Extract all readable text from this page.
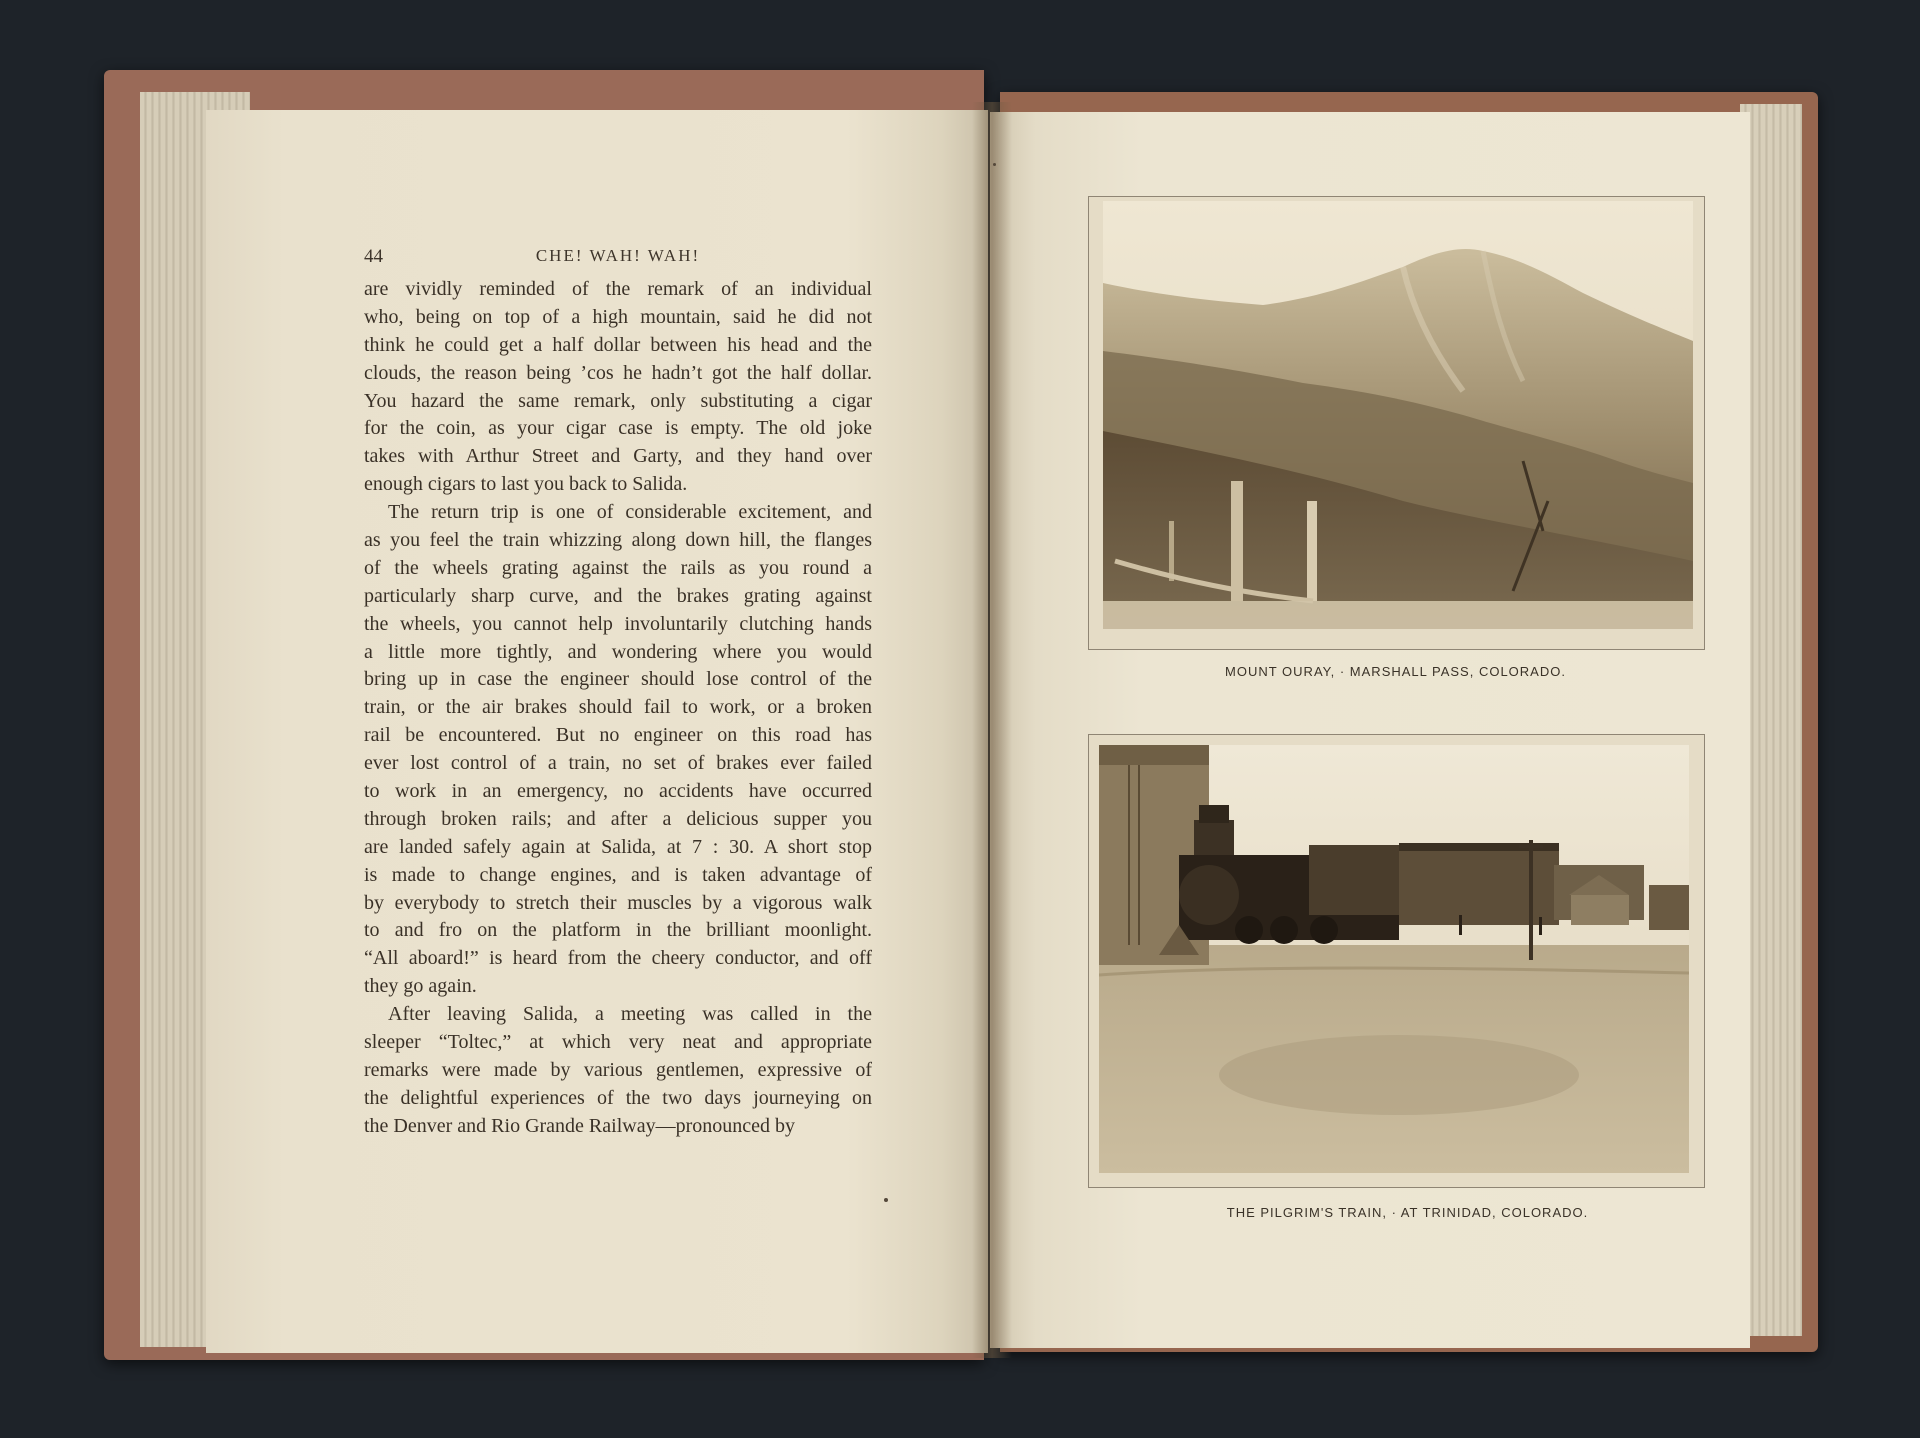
44	CHE! WAH! WAH!
are vividly reminded of the remark of an individual
who, being on top of a high mountain, said he did not
think he could get a half dollar between his head and the
clouds, the reason being ’cos he hadn’t got the half dollar.
You hazard the same remark, only substituting a cigar
for the coin, as your cigar case is empty. The old joke
takes with Arthur Street and Garty, and they hand over
enough cigars to last you back to Salida.
The return trip is one of considerable excitement, and
as you feel the train whizzing along down hill, the flanges
of the wheels grating against the rails as you round a
particularly sharp curve, and the brakes grating against
the wheels, you cannot help involuntarily clutching hands
a little more tightly, and wondering where you would
bring up in case the engineer should lose control of the
train, or the air brakes should fail to work, or a broken
rail be encountered. But no engineer on this road has
ever lost control of a train, no set of brakes ever failed
to work in an emergency, no accidents have occurred
through broken rails; and after a delicious supper you
are landed safely again at Salida, at 7 : 30. A short stop
is made to change engines, and is taken advantage of
by everybody to stretch their muscles by a vigorous walk
to and fro on the platform in the brilliant moonlight.
“All aboard!” is heard from the cheery conductor, and off
they go again.
After leaving Salida, a meeting was called in the
sleeper “Toltec,” at which very neat and appropriate
remarks were made by various gentlemen, expressive of
the delightful experiences of the two days journeying on
the Denver and Rio Grande Railway—pronounced by
MOUNT OURAY, · MARSHALL PASS, COLORADO.
THE PILGRIM'S TRAIN, · AT TRINIDAD, COLORADO.
